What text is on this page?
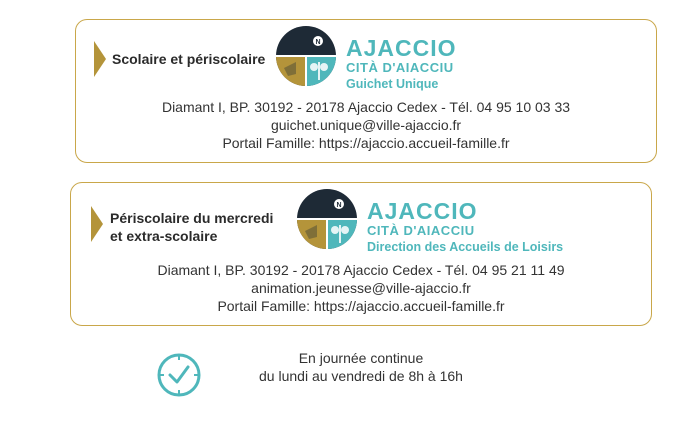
Scolaire et périscolaire
N AJACCIO
CITÀ D'AIACCIU
Guichet Unique
Diamant I, BP. 30192 - 20178 Ajaccio Cedex - Tél. 04 95 10 03 33
guichet.unique@ville-ajaccio.fr
Portail Famille: https://ajaccio.accueil-famille.fr
Périscolaire du mercredi
et extra-scolaire
N AJACCIO
CITÀ D'AIACCIU
Direction des Accueils de Loisirs
Diamant I, BP. 30192 - 20178 Ajaccio Cedex - Tél. 04 95 21 11 49
animation.jeunesse@ville-ajaccio.fr
Portail Famille: https://ajaccio.accueil-famille.fr
En journée continue
du lundi au vendredi de 8h à 16h
